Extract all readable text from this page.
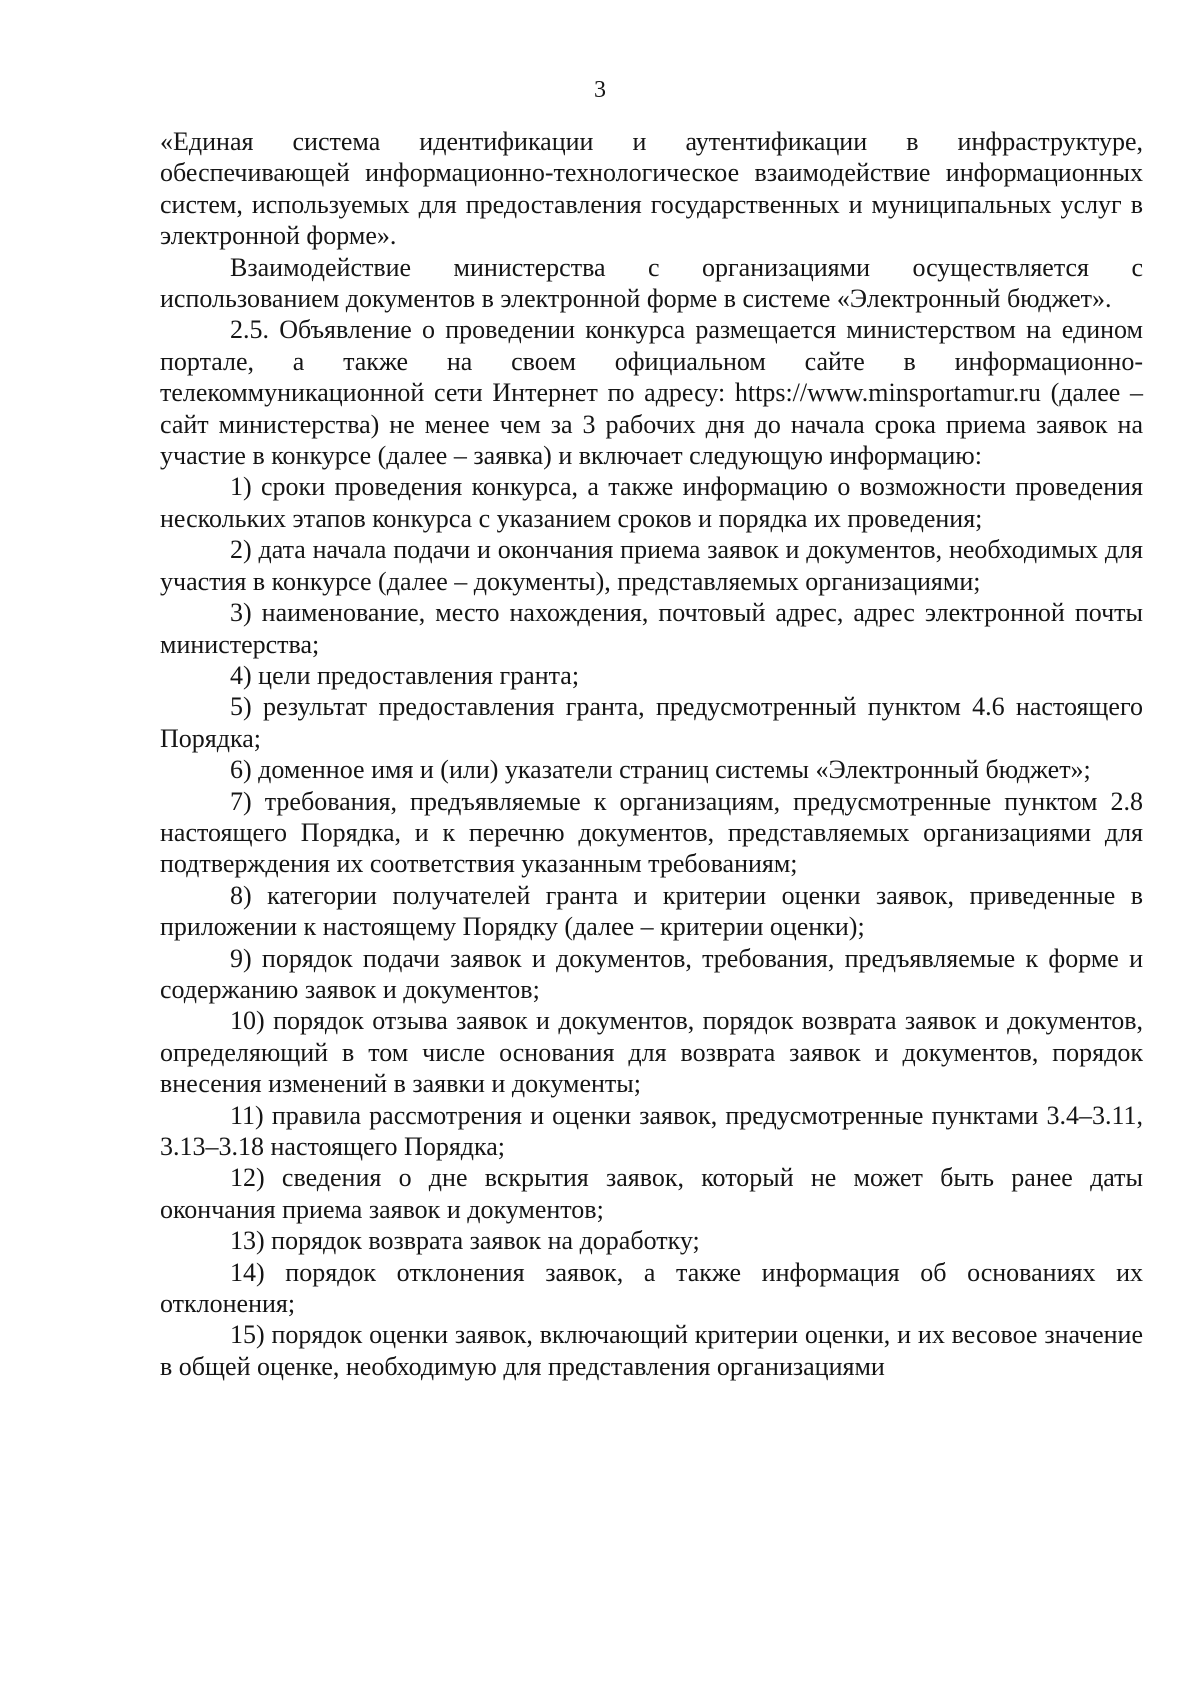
3

«Единая система идентификации и аутентификации в инфраструктуре, обеспечивающей информационно-технологическое взаимодействие информационных систем, используемых для предоставления государственных и муниципальных услуг в электронной форме».

Взаимодействие министерства с организациями осуществляется с использованием документов в электронной форме в системе «Электронный бюджет».

2.5. Объявление о проведении конкурса размещается министерством на едином портале, а также на своем официальном сайте в информационно-телекоммуникационной сети Интернет по адресу: https://www.minsportamur.ru (далее – сайт министерства) не менее чем за 3 рабочих дня до начала срока приема заявок на участие в конкурсе (далее – заявка) и включает следующую информацию:

1) сроки проведения конкурса, а также информацию о возможности проведения нескольких этапов конкурса с указанием сроков и порядка их проведения;

2) дата начала подачи и окончания приема заявок и документов, необходимых для участия в конкурсе (далее – документы), представляемых организациями;

3) наименование, место нахождения, почтовый адрес, адрес электронной почты министерства;

4) цели предоставления гранта;

5) результат предоставления гранта, предусмотренный пунктом 4.6 настоящего Порядка;

6) доменное имя и (или) указатели страниц системы «Электронный бюджет»;

7) требования, предъявляемые к организациям, предусмотренные пунктом 2.8 настоящего Порядка, и к перечню документов, представляемых организациями для подтверждения их соответствия указанным требованиям;

8) категории получателей гранта и критерии оценки заявок, приведенные в приложении к настоящему Порядку (далее – критерии оценки);

9) порядок подачи заявок и документов, требования, предъявляемые к форме и содержанию заявок и документов;

10) порядок отзыва заявок и документов, порядок возврата заявок и документов, определяющий в том числе основания для возврата заявок и документов, порядок внесения изменений в заявки и документы;

11) правила рассмотрения и оценки заявок, предусмотренные пунктами 3.4–3.11, 3.13–3.18 настоящего Порядка;

12) сведения о дне вскрытия заявок, который не может быть ранее даты окончания приема заявок и документов;

13) порядок возврата заявок на доработку;

14) порядок отклонения заявок, а также информация об основаниях их отклонения;

15) порядок оценки заявок, включающий критерии оценки, и их весовое значение в общей оценке, необходимую для представления организациями
